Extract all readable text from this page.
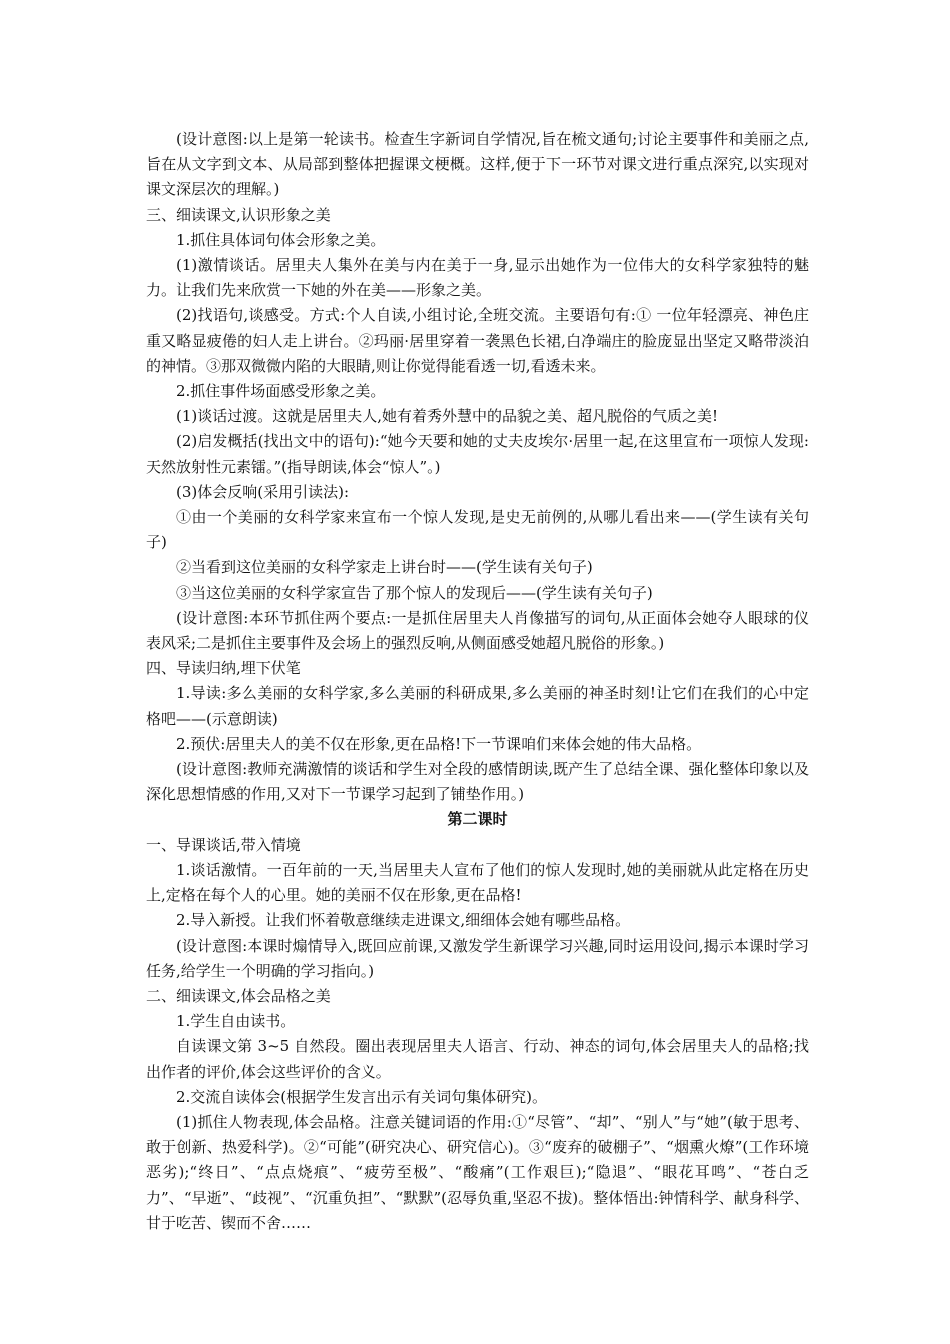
(设计意图:以上是第一轮读书。检查生字新词自学情况,旨在梳文通句;讨论主要事件和美丽之点,旨在从文字到文本、从局部到整体把握课文梗概。这样,便于下一环节对课文进行重点深究,以实现对课文深层次的理解。)

三、细读课文,认识形象之美

1.抓住具体词句体会形象之美。

(1)激情谈话。居里夫人集外在美与内在美于一身,显示出她作为一位伟大的女科学家独特的魅力。让我们先来欣赏一下她的外在美——形象之美。

(2)找语句,谈感受。方式:个人自读,小组讨论,全班交流。主要语句有:① 一位年轻漂亮、神色庄重又略显疲倦的妇人走上讲台。②玛丽·居里穿着一袭黑色长裙,白净端庄的脸庞显出坚定又略带淡泊的神情。③那双微微内陷的大眼睛,则让你觉得能看透一切,看透未来。

2.抓住事件场面感受形象之美。

(1)谈话过渡。这就是居里夫人,她有着秀外慧中的品貌之美、超凡脱俗的气质之美!

(2)启发概括(找出文中的语句):“她今天要和她的丈夫皮埃尔·居里一起,在这里宣布一项惊人发现:天然放射性元素镭。”(指导朗读,体会“惊人”。)

(3)体会反响(采用引读法):

①由一个美丽的女科学家来宣布一个惊人发现,是史无前例的,从哪儿看出来——(学生读有关句子)

②当看到这位美丽的女科学家走上讲台时——(学生读有关句子)

③当这位美丽的女科学家宣告了那个惊人的发现后——(学生读有关句子)

(设计意图:本环节抓住两个要点:一是抓住居里夫人肖像描写的词句,从正面体会她夺人眼球的仪表风采;二是抓住主要事件及会场上的强烈反响,从侧面感受她超凡脱俗的形象。)

四、导读归纳,埋下伏笔

1.导读:多么美丽的女科学家,多么美丽的科研成果,多么美丽的神圣时刻!让它们在我们的心中定格吧——(示意朗读)

2.预伏:居里夫人的美不仅在形象,更在品格!下一节课咱们来体会她的伟大品格。

(设计意图:教师充满激情的谈话和学生对全段的感情朗读,既产生了总结全课、强化整体印象以及深化思想情感的作用,又对下一节课学习起到了铺垫作用。)

第二课时

一、导课谈话,带入情境

1.谈话激情。一百年前的一天,当居里夫人宣布了他们的惊人发现时,她的美丽就从此定格在历史上,定格在每个人的心里。她的美丽不仅在形象,更在品格!

2.导入新授。让我们怀着敬意继续走进课文,细细体会她有哪些品格。

(设计意图:本课时煽情导入,既回应前课,又激发学生新课学习兴趣,同时运用设问,揭示本课时学习任务,给学生一个明确的学习指向。)

二、细读课文,体会品格之美

1.学生自由读书。

自读课文第 3~5 自然段。圈出表现居里夫人语言、行动、神态的词句,体会居里夫人的品格;找出作者的评价,体会这些评价的含义。

2.交流自读体会(根据学生发言出示有关词句集体研究)。

(1)抓住人物表现,体会品格。注意关键词语的作用:①“尽管”、“却”、“别人”与“她”(敏于思考、敢于创新、热爱科学)。②“可能”(研究决心、研究信心)。③“废弃的破棚子”、“烟熏火燎”(工作环境恶劣);“终日”、“点点烧痕”、“疲劳至极”、“酸痛”(工作艰巨);“隐退”、“眼花耳鸣”、“苍白乏力”、“早逝”、“歧视”、“沉重负担”、“默默”(忍辱负重,坚忍不拔)。整体悟出:钟情科学、献身科学、甘于吃苦、锲而不舍……
